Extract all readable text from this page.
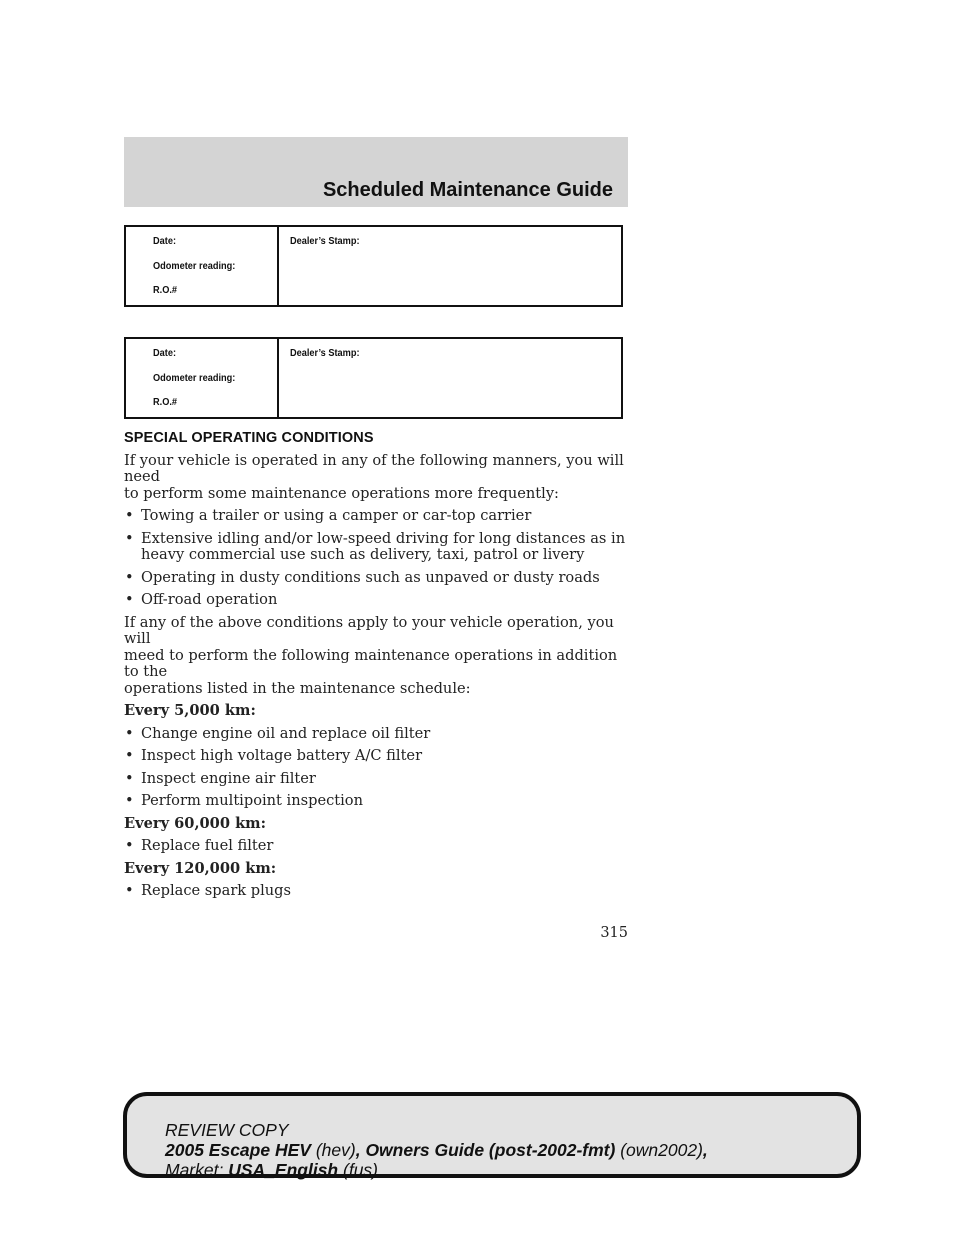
Scheduled Maintenance Guide
Date:
Odometer reading:
R.O.#
Dealer’s Stamp:
Date:
Odometer reading:
R.O.#
Dealer’s Stamp:
SPECIAL OPERATING CONDITIONS

If your vehicle is operated in any of the following manners, you will need
to perform some maintenance operations more frequently:

• Towing a trailer or using a camper or car-top carrier
• Extensive idling and/or low-speed driving for long distances as in
heavy commercial use such as delivery, taxi, patrol or livery
• Operating in dusty conditions such as unpaved or dusty roads
• Off-road operation

If any of the above conditions apply to your vehicle operation, you will
meed to perform the following maintenance operations in addition to the
operations listed in the maintenance schedule:

Every 5,000 km:
• Change engine oil and replace oil filter
• Inspect high voltage battery A/C filter
• Inspect engine air filter
• Perform multipoint inspection
Every 60,000 km:
• Replace fuel filter
Every 120,000 km:
• Replace spark plugs
315
REVIEW COPY
2005 Escape HEV (hev), Owners Guide (post-2002-fmt) (own2002),
Market: USA_English (fus)
